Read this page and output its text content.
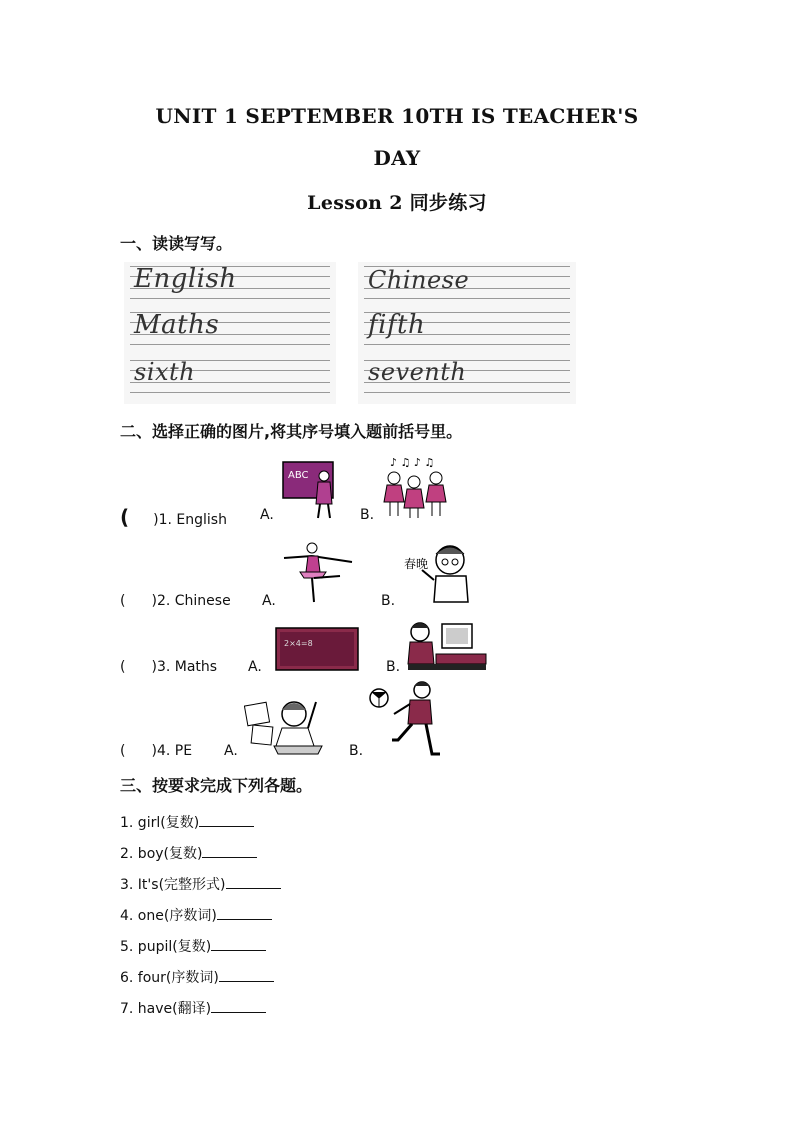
UNIT 1 SEPTEMBER 10TH IS TEACHER'S
DAY
Lesson 2 同步练习
一、读读写写。
English
Maths
sixth
Chinese
fifth
seventh
二、选择正确的图片,将其序号填入题前括号里。
( )1. English A.
ABC
B.
♪ ♫ ♪ ♫
( )2. Chinese A.	B.
春晚
( )3. Maths A.
2×4=8
B.
( )4. PE A.	B.
三、按要求完成下列各题。
1. girl(复数)
2. boy(复数)
3. It's(完整形式)
4. one(序数词)
5. pupil(复数)
6. four(序数词)
7. have(翻译)
